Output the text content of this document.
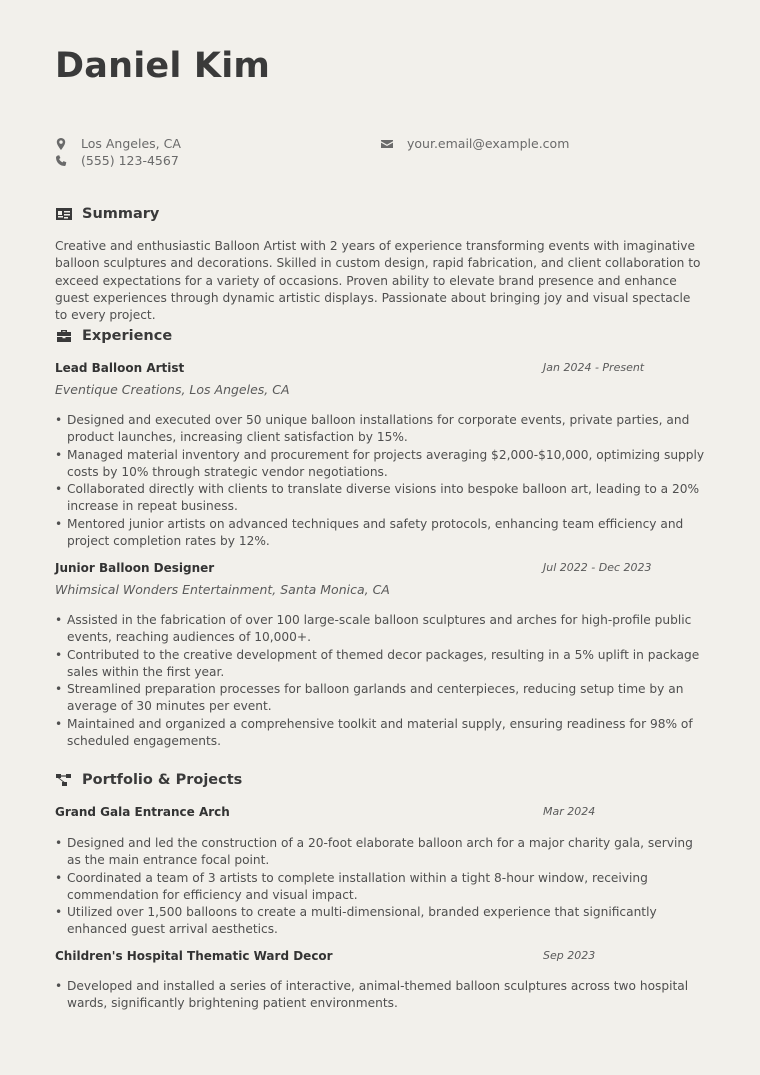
Daniel Kim
Los Angeles, CA
(555) 123-4567
your.email@example.com
Summary

Creative and enthusiastic Balloon Artist with 2 years of experience transforming events with imaginative balloon sculptures and decorations. Skilled in custom design, rapid fabrication, and client collaboration to exceed expectations for a variety of occasions. Proven ability to elevate brand presence and enhance guest experiences through dynamic artistic displays. Passionate about bringing joy and visual spectacle to every project.

Experience
Lead Balloon Artist	Jan 2024 - Present
Eventique Creations, Los Angeles, CA
• Designed and executed over 50 unique balloon installations for corporate events, private parties, and product launches, increasing client satisfaction by 15%.
• Managed material inventory and procurement for projects averaging $2,000-$10,000, optimizing supply costs by 10% through strategic vendor negotiations.
• Collaborated directly with clients to translate diverse visions into bespoke balloon art, leading to a 20% increase in repeat business.
• Mentored junior artists on advanced techniques and safety protocols, enhancing team efficiency and project completion rates by 12%.
Junior Balloon Designer	Jul 2022 - Dec 2023
Whimsical Wonders Entertainment, Santa Monica, CA
• Assisted in the fabrication of over 100 large-scale balloon sculptures and arches for high-profile public events, reaching audiences of 10,000+.
• Contributed to the creative development of themed decor packages, resulting in a 5% uplift in package sales within the first year.
• Streamlined preparation processes for balloon garlands and centerpieces, reducing setup time by an average of 30 minutes per event.
• Maintained and organized a comprehensive toolkit and material supply, ensuring readiness for 98% of scheduled engagements.
Portfolio & Projects
Grand Gala Entrance Arch	Mar 2024
• Designed and led the construction of a 20-foot elaborate balloon arch for a major charity gala, serving as the main entrance focal point.
• Coordinated a team of 3 artists to complete installation within a tight 8-hour window, receiving commendation for efficiency and visual impact.
• Utilized over 1,500 balloons to create a multi-dimensional, branded experience that significantly enhanced guest arrival aesthetics.
Children's Hospital Thematic Ward Decor	Sep 2023
• Developed and installed a series of interactive, animal-themed balloon sculptures across two hospital wards, significantly brightening patient environments.
